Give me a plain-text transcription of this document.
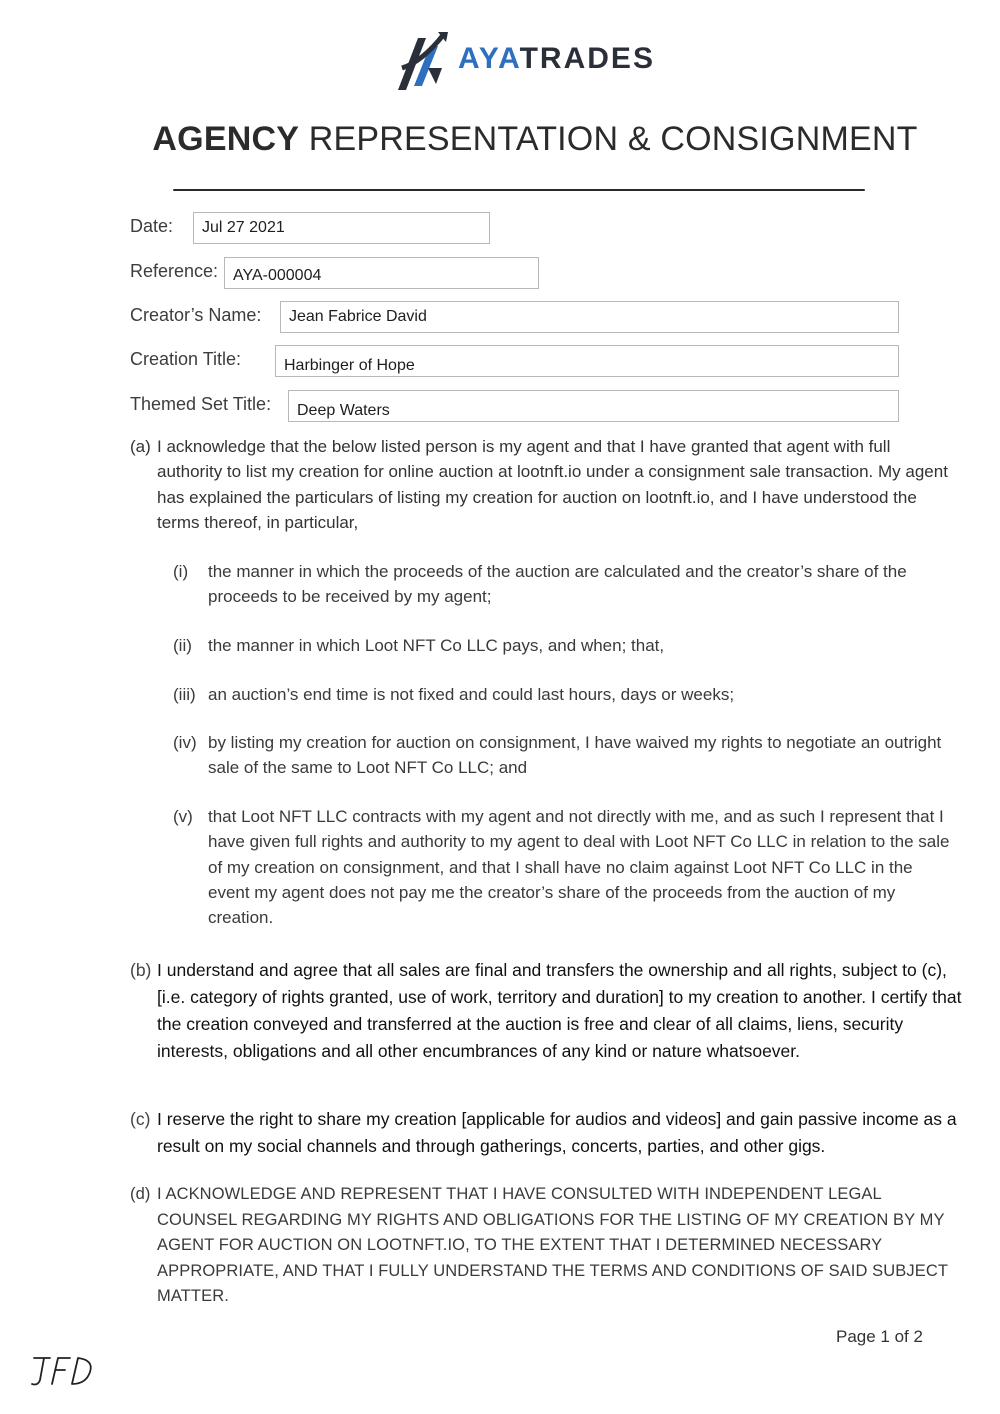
AYATRADES
AGENCY REPRESENTATION & CONSIGNMENT
Date:	Jul 27 2021
Reference: AYA-000004
Creator’s Name:	Jean Fabrice David
Creation Title:	Harbinger of Hope
Themed Set Title:	Deep Waters
(a) I acknowledge that the below listed person is my agent and that I have granted that agent with full authority to list my creation for online auction at lootnft.io under a consignment sale transaction. My agent has explained the particulars of listing my creation for auction on lootnft.io, and I have understood the terms thereof, in particular,
(i) the manner in which the proceeds of the auction are calculated and the creator’s share of the proceeds to be received by my agent;
(ii) the manner in which Loot NFT Co LLC pays, and when; that,
(iii) an auction’s end time is not fixed and could last hours, days or weeks;
(iv) by listing my creation for auction on consignment, I have waived my rights to negotiate an outright sale of the same to Loot NFT Co LLC; and
(v) that Loot NFT LLC contracts with my agent and not directly with me, and as such I represent that I have given full rights and authority to my agent to deal with Loot NFT Co LLC in relation to the sale of my creation on consignment, and that I shall have no claim against Loot NFT Co LLC in the event my agent does not pay me the creator’s share of the proceeds from the auction of my creation.
(b) I understand and agree that all sales are final and transfers the ownership and all rights, subject to (c), [i.e. category of rights granted, use of work, territory and duration] to my creation to another. I certify that the creation conveyed and transferred at the auction is free and clear of all claims, liens, security interests, obligations and all other encumbrances of any kind or nature whatsoever.
(c) I reserve the right to share my creation [applicable for audios and videos] and gain passive income as a result on my social channels and through gatherings, concerts, parties, and other gigs.
(d) I ACKNOWLEDGE AND REPRESENT THAT I HAVE CONSULTED WITH INDEPENDENT LEGAL COUNSEL REGARDING MY RIGHTS AND OBLIGATIONS FOR THE LISTING OF MY CREATION BY MY AGENT FOR AUCTION ON LOOTNFT.IO, TO THE EXTENT THAT I DETERMINED NECESSARY APPROPRIATE, AND THAT I FULLY UNDERSTAND THE TERMS AND CONDITIONS OF SAID SUBJECT MATTER.
Page 1 of 2
